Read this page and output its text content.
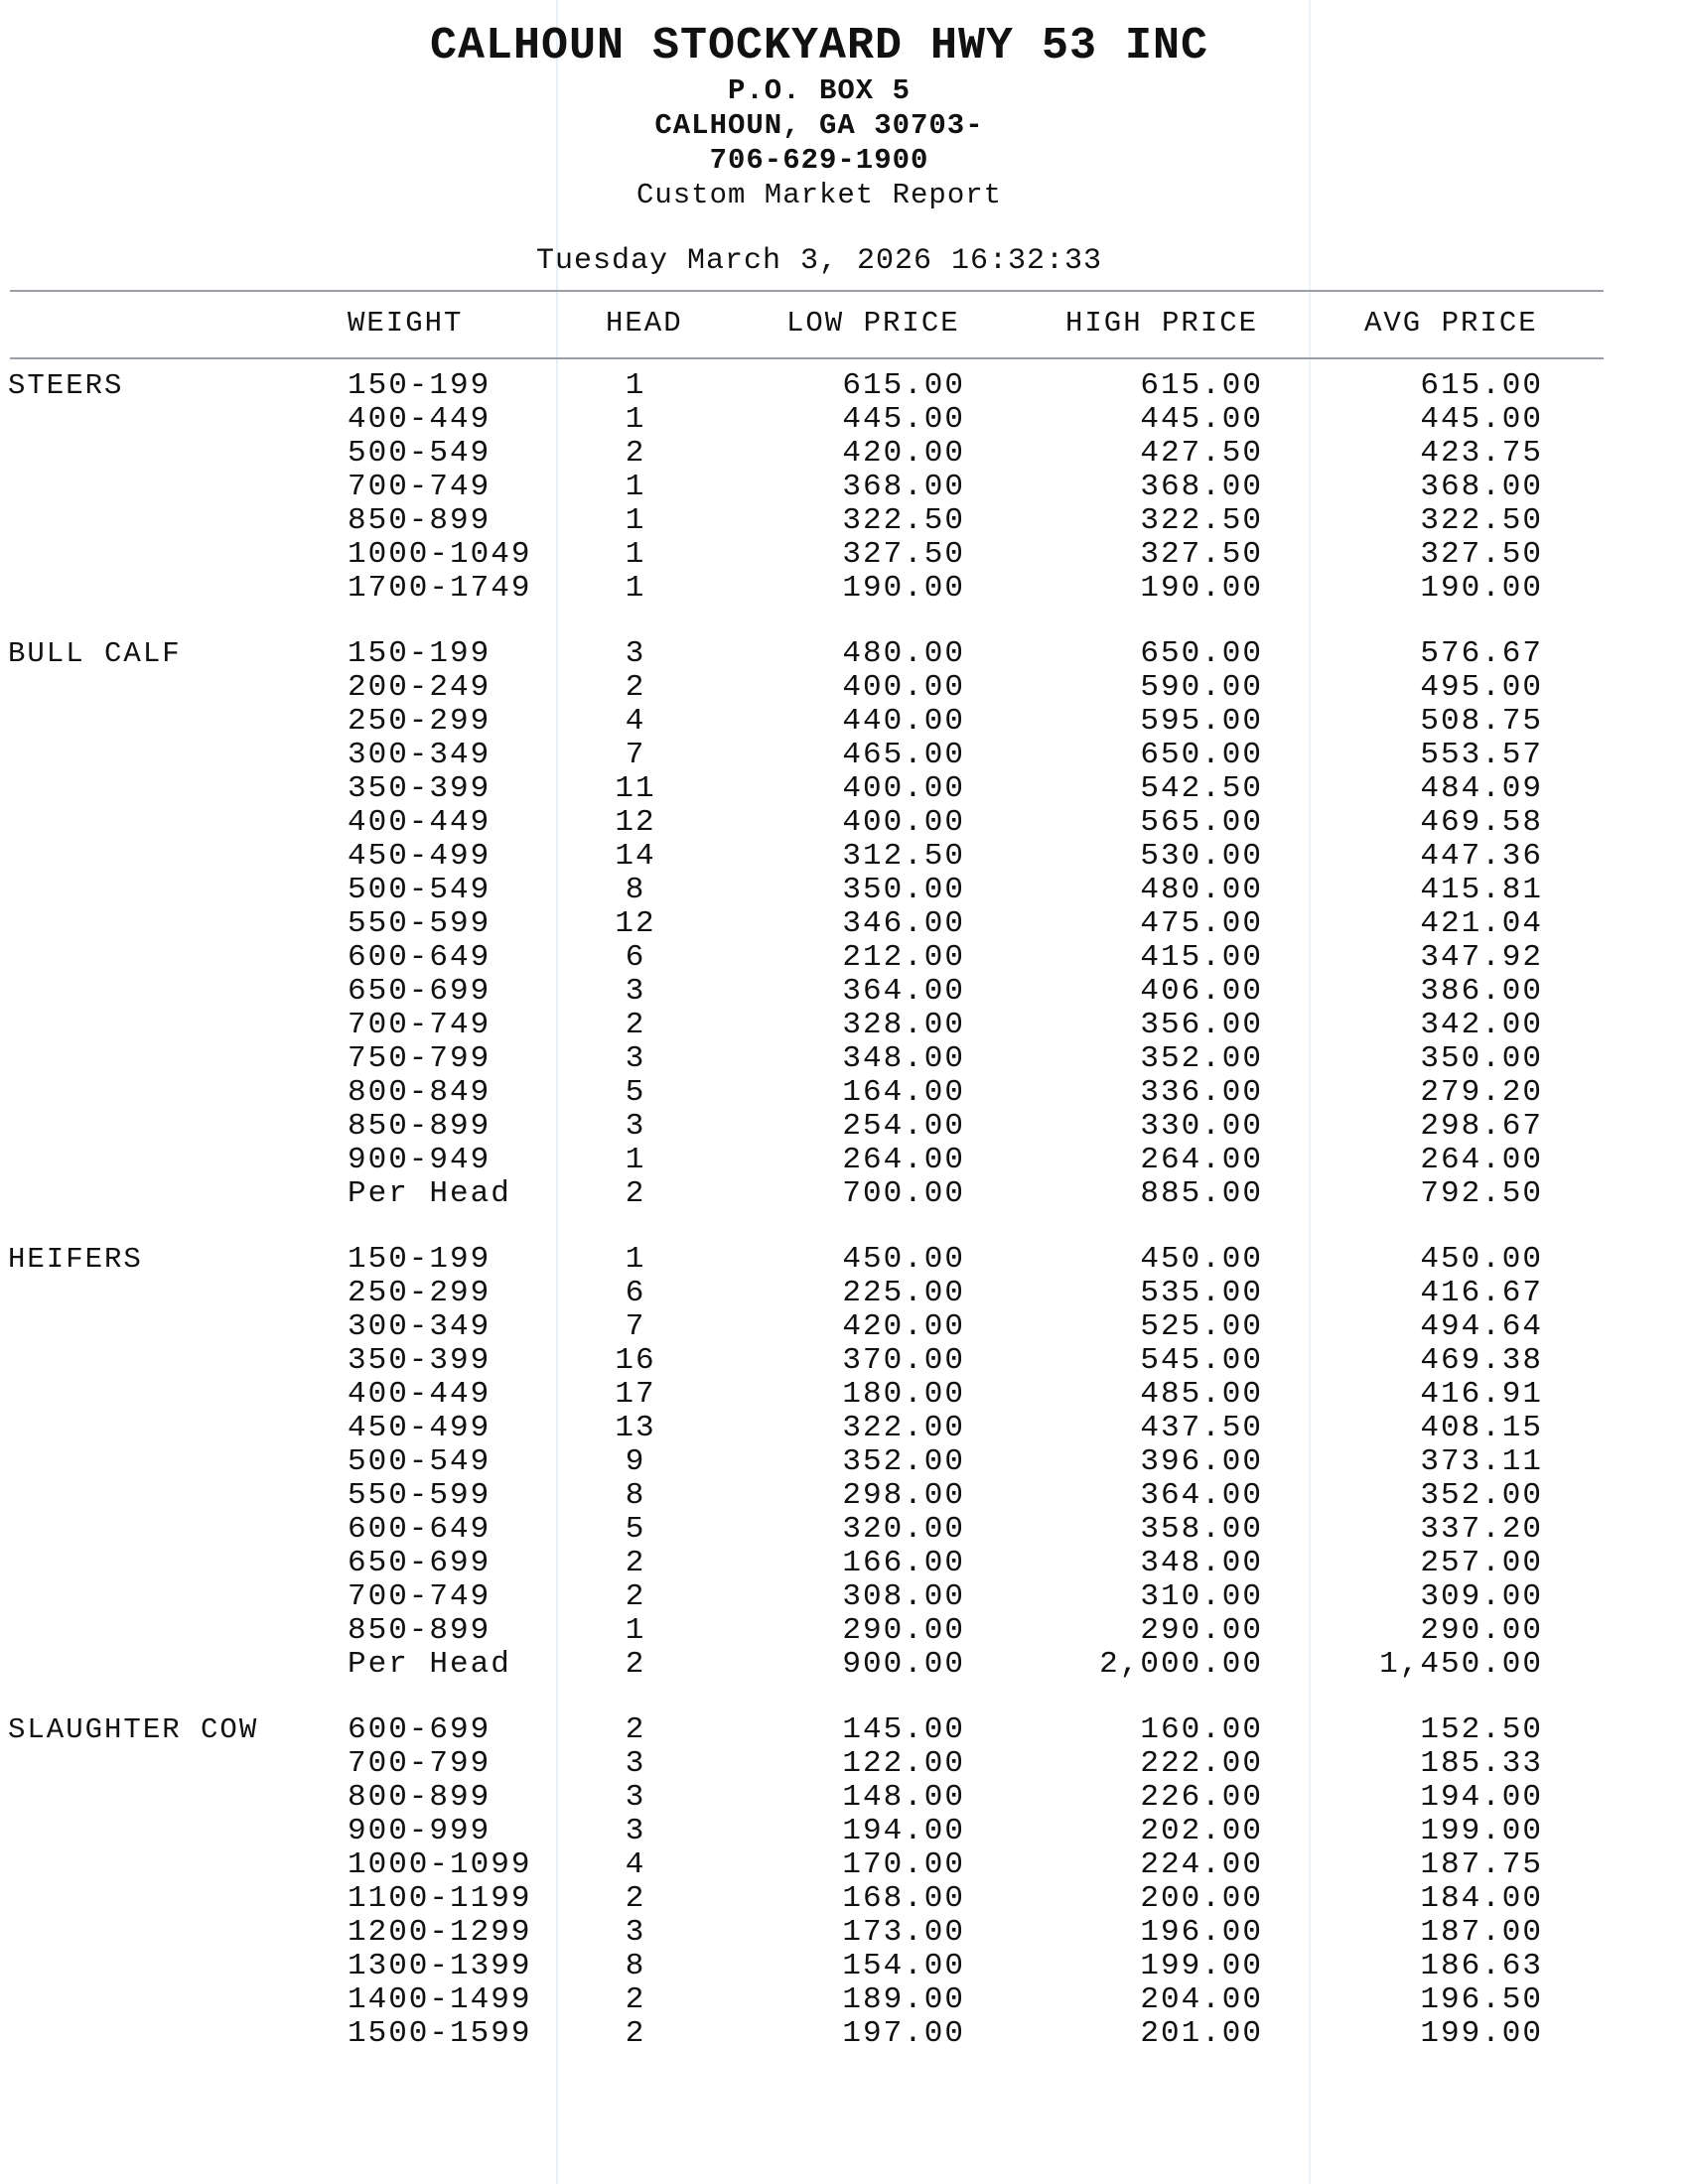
CALHOUN STOCKYARD HWY 53 INC
P.O. BOX 5
CALHOUN, GA 30703-
706-629-1900
Custom Market Report
Tuesday March 3, 2026 16:32:33
WEIGHT	HEAD	LOW PRICE	HIGH PRICE	AVG PRICE
STEERS	150-199	1	615.00	615.00	615.00
400-449	1	445.00	445.00	445.00
500-549	2	420.00	427.50	423.75
700-749	1	368.00	368.00	368.00
850-899	1	322.50	322.50	322.50
1000-1049	1	327.50	327.50	327.50
1700-1749	1	190.00	190.00	190.00
BULL CALF	150-199	3	480.00	650.00	576.67
200-249	2	400.00	590.00	495.00
250-299	4	440.00	595.00	508.75
300-349	7	465.00	650.00	553.57
350-399	11	400.00	542.50	484.09
400-449	12	400.00	565.00	469.58
450-499	14	312.50	530.00	447.36
500-549	8	350.00	480.00	415.81
550-599	12	346.00	475.00	421.04
600-649	6	212.00	415.00	347.92
650-699	3	364.00	406.00	386.00
700-749	2	328.00	356.00	342.00
750-799	3	348.00	352.00	350.00
800-849	5	164.00	336.00	279.20
850-899	3	254.00	330.00	298.67
900-949	1	264.00	264.00	264.00
Per Head	2	700.00	885.00	792.50
HEIFERS	150-199	1	450.00	450.00	450.00
250-299	6	225.00	535.00	416.67
300-349	7	420.00	525.00	494.64
350-399	16	370.00	545.00	469.38
400-449	17	180.00	485.00	416.91
450-499	13	322.00	437.50	408.15
500-549	9	352.00	396.00	373.11
550-599	8	298.00	364.00	352.00
600-649	5	320.00	358.00	337.20
650-699	2	166.00	348.00	257.00
700-749	2	308.00	310.00	309.00
850-899	1	290.00	290.00	290.00
Per Head	2	900.00	2,000.00	1,450.00
SLAUGHTER COW	600-699	2	145.00	160.00	152.50
700-799	3	122.00	222.00	185.33
800-899	3	148.00	226.00	194.00
900-999	3	194.00	202.00	199.00
1000-1099	4	170.00	224.00	187.75
1100-1199	2	168.00	200.00	184.00
1200-1299	3	173.00	196.00	187.00
1300-1399	8	154.00	199.00	186.63
1400-1499	2	189.00	204.00	196.50
1500-1599	2	197.00	201.00	199.00
